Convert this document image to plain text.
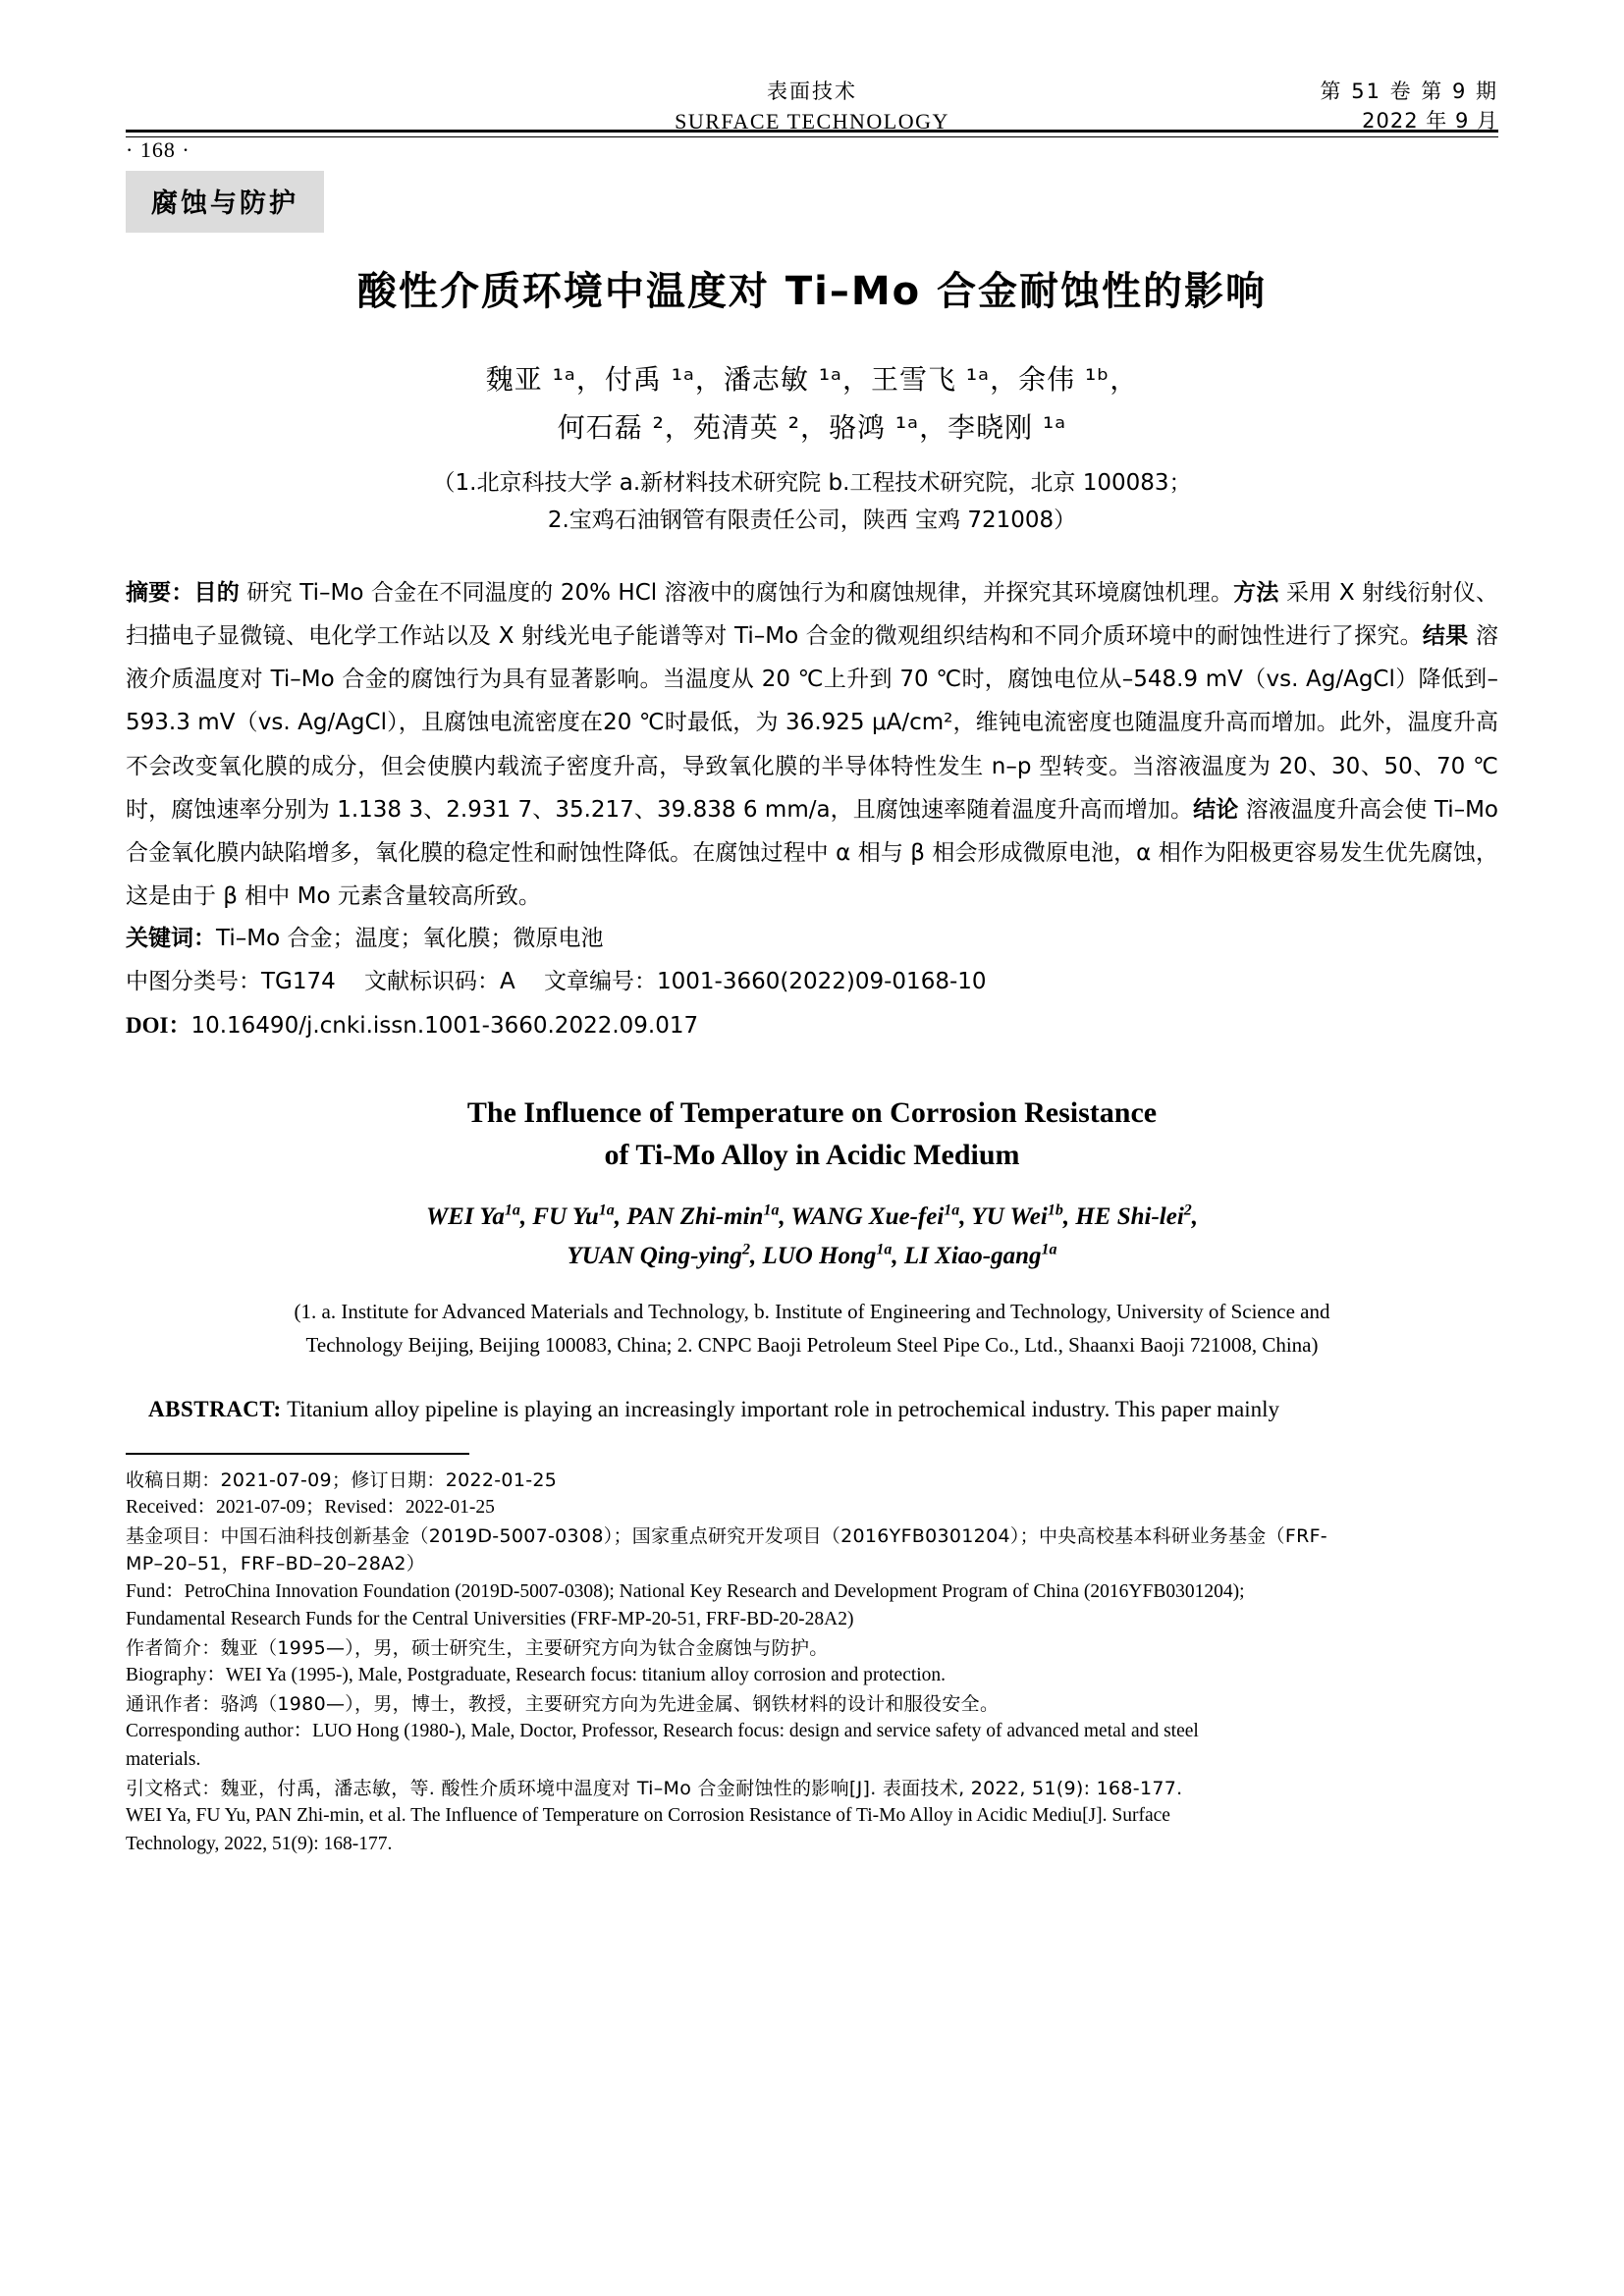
表面技术
SURFACE TECHNOLOGY
第 51 卷 第 9 期
2022 年 9 月
· 168 ·
腐蚀与防护
酸性介质环境中温度对 Ti–Mo 合金耐蚀性的影响
魏亚 ¹ᵃ，付禹 ¹ᵃ，潘志敏 ¹ᵃ，王雪飞 ¹ᵃ，余伟 ¹ᵇ，
何石磊 ²，苑清英 ²，骆鸿 ¹ᵃ，李晓刚 ¹ᵃ
（1.北京科技大学 a.新材料技术研究院 b.工程技术研究院，北京 100083；
2.宝鸡石油钢管有限责任公司，陕西 宝鸡 721008）
摘要：目的 研究 Ti–Mo 合金在不同温度的 20% HCl 溶液中的腐蚀行为和腐蚀规律，并探究其环境腐蚀机理。方法 采用 X 射线衍射仪、扫描电子显微镜、电化学工作站以及 X 射线光电子能谱等对 Ti–Mo 合金的微观组织结构和不同介质环境中的耐蚀性进行了探究。结果 溶液介质温度对 Ti–Mo 合金的腐蚀行为具有显著影响。当温度从 20 ℃上升到 70 ℃时，腐蚀电位从–548.9 mV（vs. Ag/AgCl）降低到–593.3 mV（vs. Ag/AgCl），且腐蚀电流密度在20 ℃时最低，为 36.925 μA/cm²，维钝电流密度也随温度升高而增加。此外，温度升高不会改变氧化膜的成分，但会使膜内载流子密度升高，导致氧化膜的半导体特性发生 n–p 型转变。当溶液温度为 20、30、50、70 ℃时，腐蚀速率分别为 1.138 3、2.931 7、35.217、39.838 6 mm/a，且腐蚀速率随着温度升高而增加。结论 溶液温度升高会使 Ti–Mo 合金氧化膜内缺陷增多，氧化膜的稳定性和耐蚀性降低。在腐蚀过程中 α 相与 β 相会形成微原电池，α 相作为阳极更容易发生优先腐蚀，这是由于 β 相中 Mo 元素含量较高所致。
关键词：Ti–Mo 合金；温度；氧化膜；微原电池
中图分类号：TG174 文献标识码：A 文章编号：1001-3660(2022)09-0168-10
DOI：10.16490/j.cnki.issn.1001-3660.2022.09.017
The Influence of Temperature on Corrosion Resistance
of Ti-Mo Alloy in Acidic Medium
WEI $Ya^{1a}$, FU $Yu^{1a}$, PAN Zhi-$\min^{1a}$, WANG Xue-fei$^{1a}$, YU Wei$^{1b}$, HE Shi-lei$^2$,
YUAN Qing-ying$^2$, LUO Hong$^{1a}$, LI Xiao-gang$^{1a}$
(1. a. Institute for Advanced Materials and Technology, b. Institute of Engineering and Technology, University of Science and
Technology Beijing, Beijing 100083, China; 2. CNPC Baoji Petroleum Steel Pipe Co., Ltd., Shaanxi Baoji 721008, China)
ABSTRACT: Titanium alloy pipeline is playing an increasingly important role in petrochemical industry. This paper mainly

收稿日期：2021-07-09；修订日期：2022-01-25

Received：2021-07-09；Revised：2022-01-25

基金项目：中国石油科技创新基金（2019D-5007-0308）；国家重点研究开发项目（2016YFB0301204）；中央高校基本科研业务基金（FRF-

MP–20–51，FRF–BD–20–28A2）

Fund：PetroChina Innovation Foundation (2019D-5007-0308); National Key Research and Development Program of China (2016YFB0301204);

Fundamental Research Funds for the Central Universities (FRF-MP-20-51, FRF-BD-20-28A2)

作者简介：魏亚（1995—），男，硕士研究生，主要研究方向为钛合金腐蚀与防护。

Biography：WEI Ya (1995-), Male, Postgraduate, Research focus: titanium alloy corrosion and protection.

通讯作者：骆鸿（1980—），男，博士，教授，主要研究方向为先进金属、钢铁材料的设计和服役安全。

Corresponding author：LUO Hong (1980-), Male, Doctor, Professor, Research focus: design and service safety of advanced metal and steel

materials.

引文格式：魏亚，付禹，潘志敏，等. 酸性介质环境中温度对 Ti–Mo 合金耐蚀性的影响[J]. 表面技术, 2022, 51(9): 168-177.

WEI Ya, FU Yu, PAN Zhi-min, et al. The Influence of Temperature on Corrosion Resistance of Ti-Mo Alloy in Acidic Mediu[J]. Surface

Technology, 2022, 51(9): 168-177.
